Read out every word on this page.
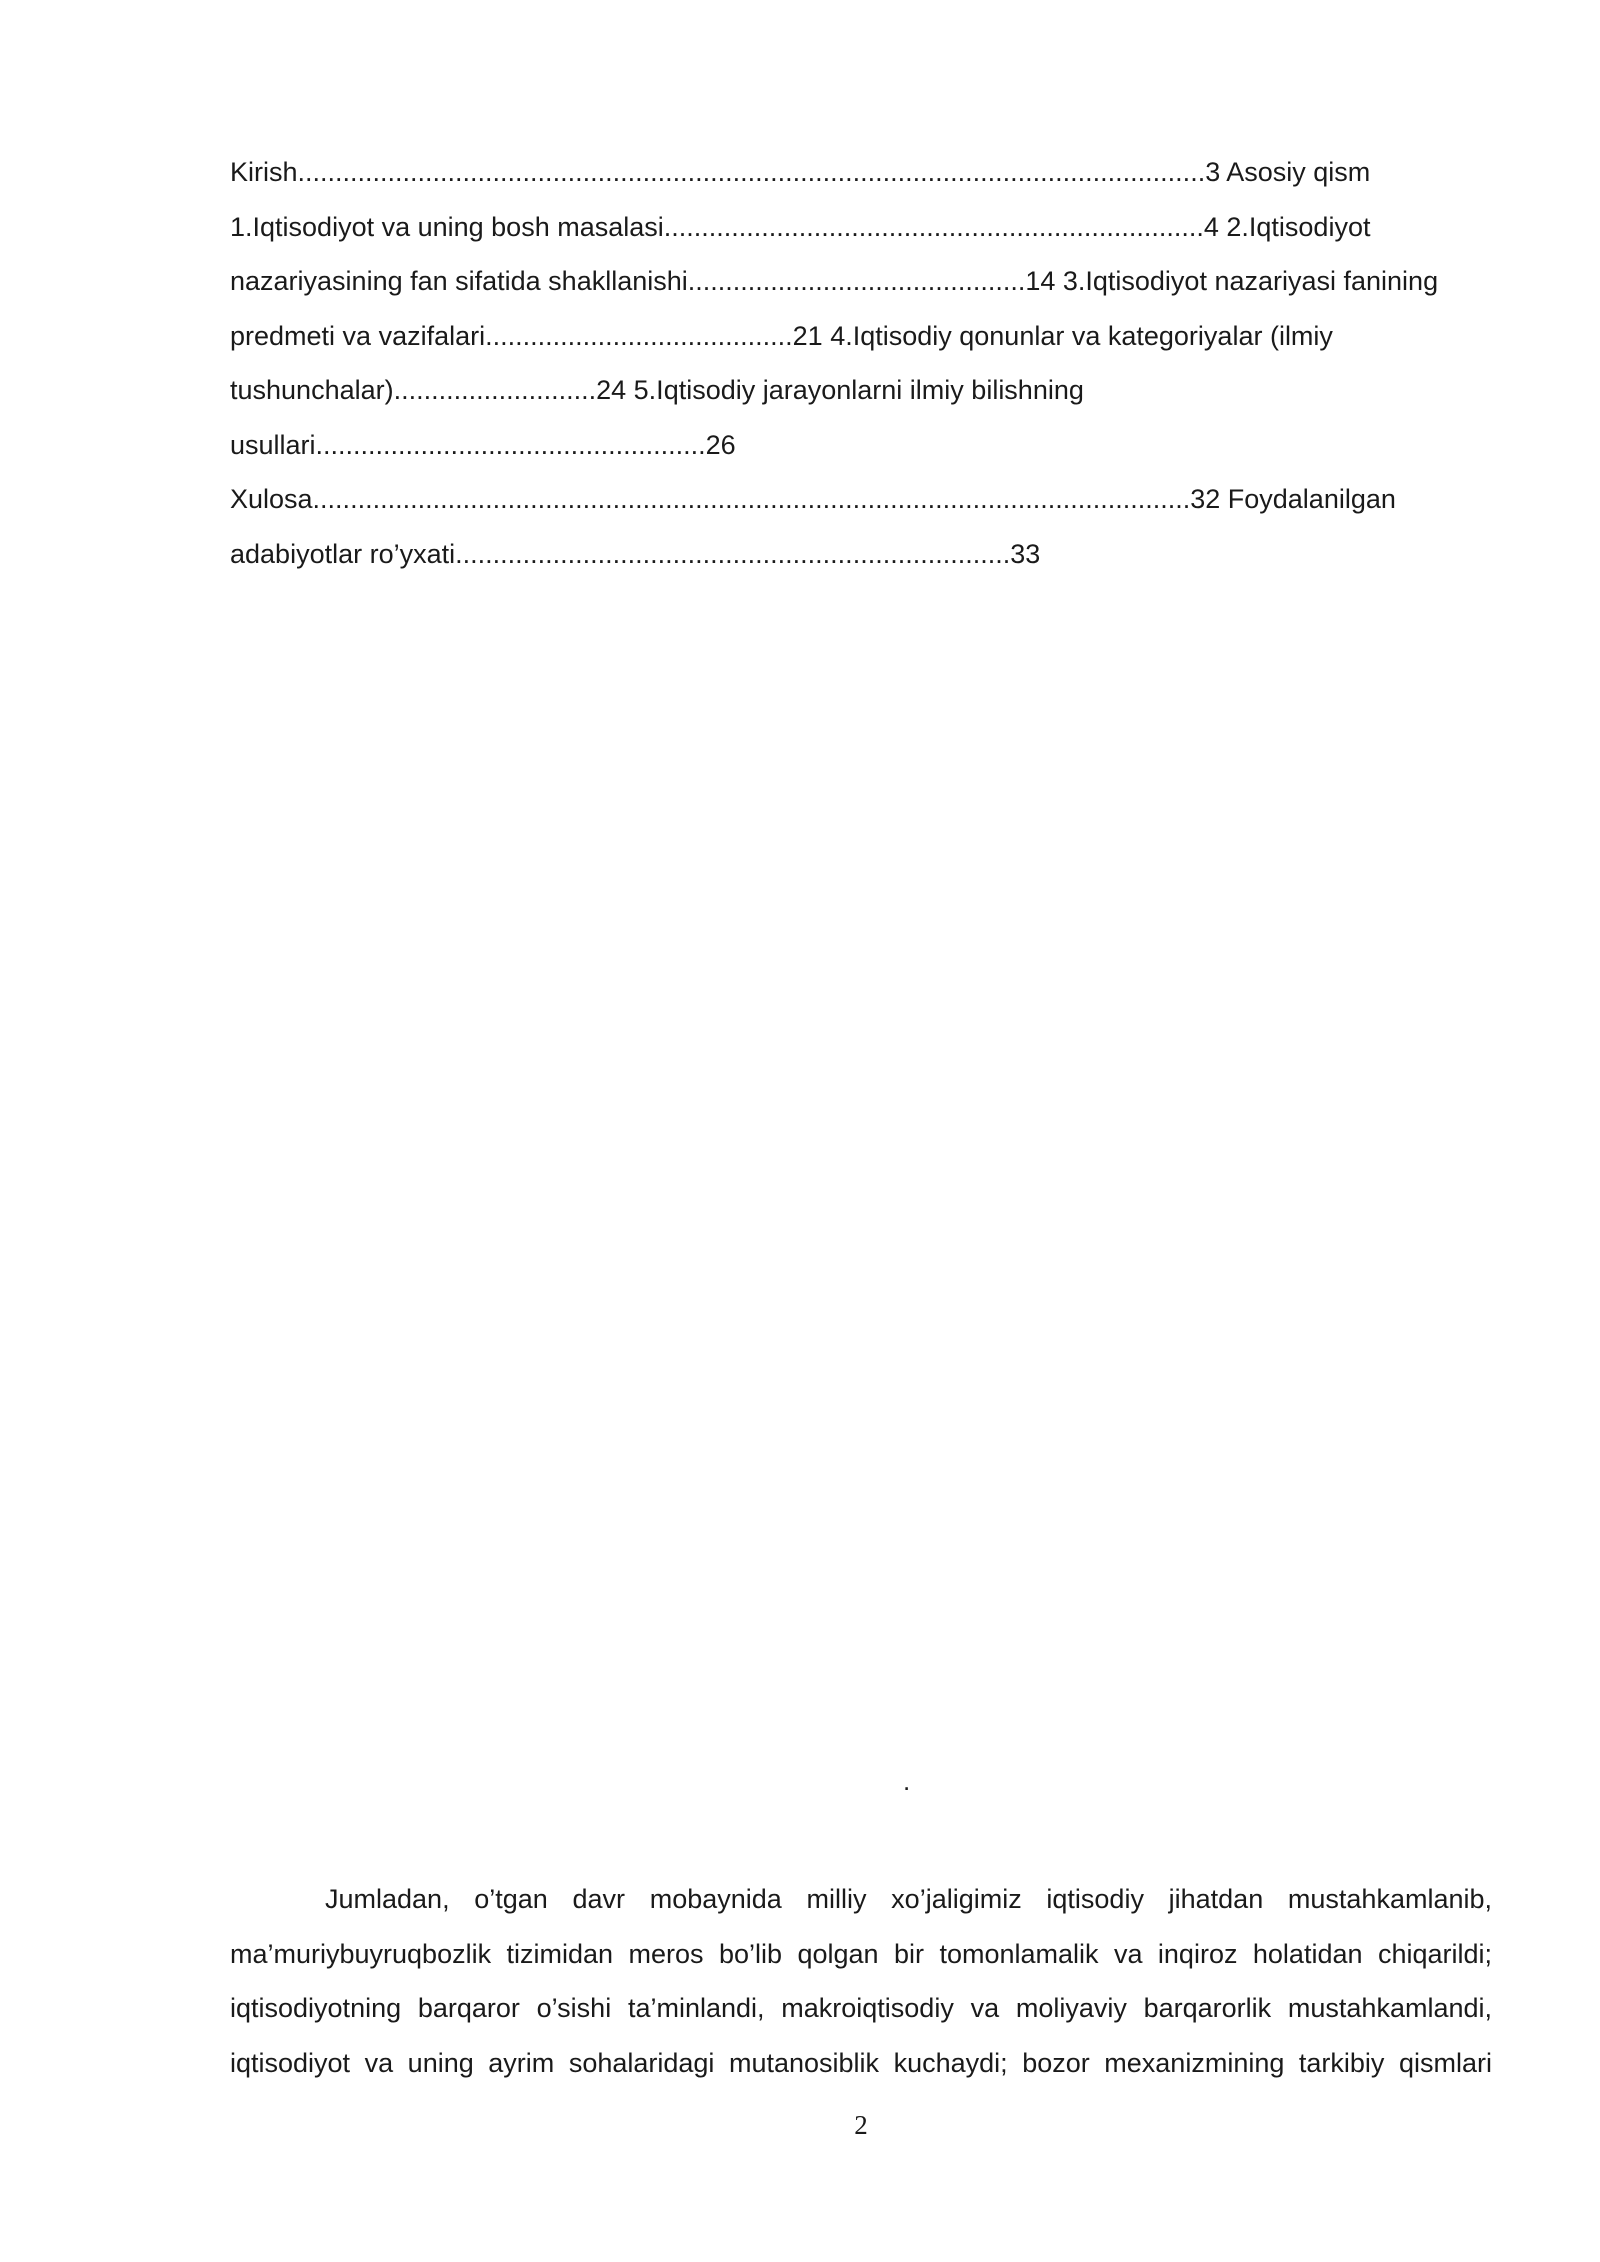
Kirish.........................................................................................................................3 Asosiy qism
1.Iqtisodiyot va uning bosh masalasi........................................................................4 2.Iqtisodiyot
nazariyasining fan sifatida shakllanishi.............................................14 3.Iqtisodiyot nazariyasi fanining
predmeti va vazifalari.........................................21 4.Iqtisodiy qonunlar va kategoriyalar (ilmiy
tushunchalar)...........................24 5.Iqtisodiy jarayonlarni ilmiy bilishning
usullari....................................................26
Xulosa.....................................................................................................................32 Foydalanilgan
adabiyotlar ro’yxati..........................................................................33
.
Jumladan, o’tgan davr mobaynida milliy xo’jaligimiz iqtisodiy jihatdan mustahkamlanib,
ma’muriybuyruqbozlik tizimidan meros bo’lib qolgan bir tomonlamalik va inqiroz holatidan chiqarildi;
iqtisodiyotning barqaror o’sishi ta’minlandi, makroiqtisodiy va moliyaviy barqarorlik mustahkamlandi,
iqtisodiyot va uning ayrim sohalaridagi mutanosiblik kuchaydi; bozor mexanizmining tarkibiy qismlari
2
